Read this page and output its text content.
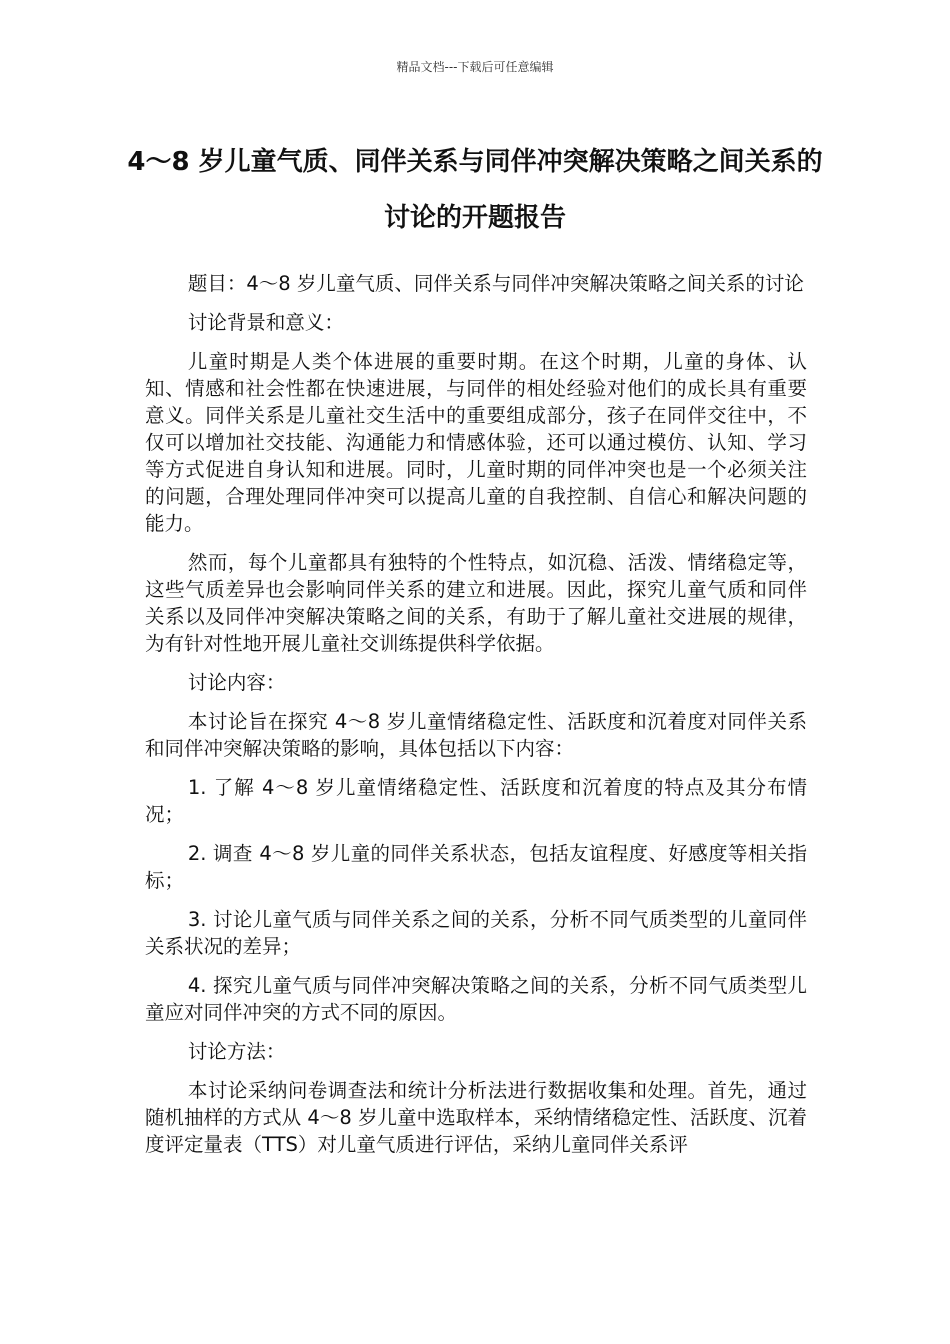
精品文档---下载后可任意编辑
4～8 岁儿童气质、同伴关系与同伴冲突解决策略之间关系的讨论的开题报告

题目：4～8 岁儿童气质、同伴关系与同伴冲突解决策略之间关系的讨论

讨论背景和意义：

儿童时期是人类个体进展的重要时期。在这个时期，儿童的身体、认知、情感和社会性都在快速进展，与同伴的相处经验对他们的成长具有重要意义。同伴关系是儿童社交生活中的重要组成部分，孩子在同伴交往中，不仅可以增加社交技能、沟通能力和情感体验，还可以通过模仿、认知、学习等方式促进自身认知和进展。同时，儿童时期的同伴冲突也是一个必须关注的问题，合理处理同伴冲突可以提高儿童的自我控制、自信心和解决问题的能力。

然而，每个儿童都具有独特的个性特点，如沉稳、活泼、情绪稳定等，这些气质差异也会影响同伴关系的建立和进展。因此，探究儿童气质和同伴关系以及同伴冲突解决策略之间的关系，有助于了解儿童社交进展的规律，为有针对性地开展儿童社交训练提供科学依据。

讨论内容：

本讨论旨在探究 4～8 岁儿童情绪稳定性、活跃度和沉着度对同伴关系和同伴冲突解决策略的影响，具体包括以下内容：

1. 了解 4～8 岁儿童情绪稳定性、活跃度和沉着度的特点及其分布情况；

2. 调查 4～8 岁儿童的同伴关系状态，包括友谊程度、好感度等相关指标；

3. 讨论儿童气质与同伴关系之间的关系，分析不同气质类型的儿童同伴关系状况的差异；

4. 探究儿童气质与同伴冲突解决策略之间的关系，分析不同气质类型儿童应对同伴冲突的方式不同的原因。

讨论方法：

本讨论采纳问卷调查法和统计分析法进行数据收集和处理。首先，通过随机抽样的方式从 4～8 岁儿童中选取样本，采纳情绪稳定性、活跃度、沉着度评定量表（TTS）对儿童气质进行评估，采纳儿童同伴关系评
